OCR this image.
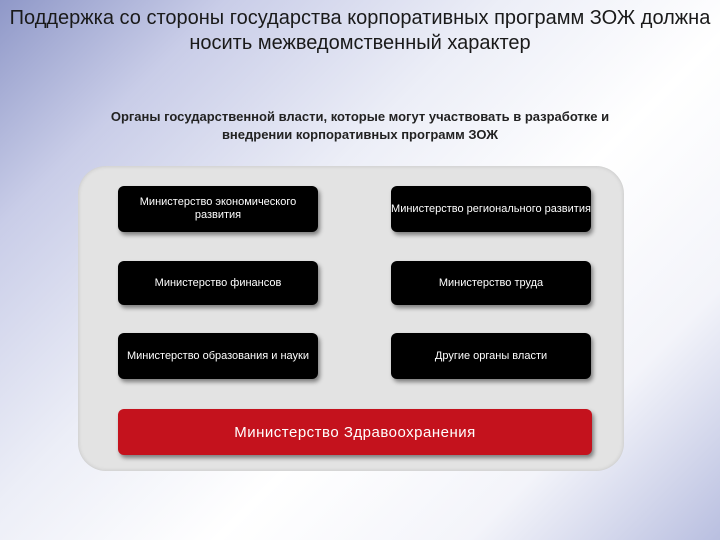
Поддержка со стороны государства корпоративных программ ЗОЖ должна носить межведомственный характер
Органы государственной власти, которые могут участвовать в разработке и внедрении корпоративных программ ЗОЖ
Министерство экономического развития
Министерство регионального развития
Министерство финансов	Министерство труда
Министерство образования и науки	Другие органы власти
Министерство Здравоохранения
